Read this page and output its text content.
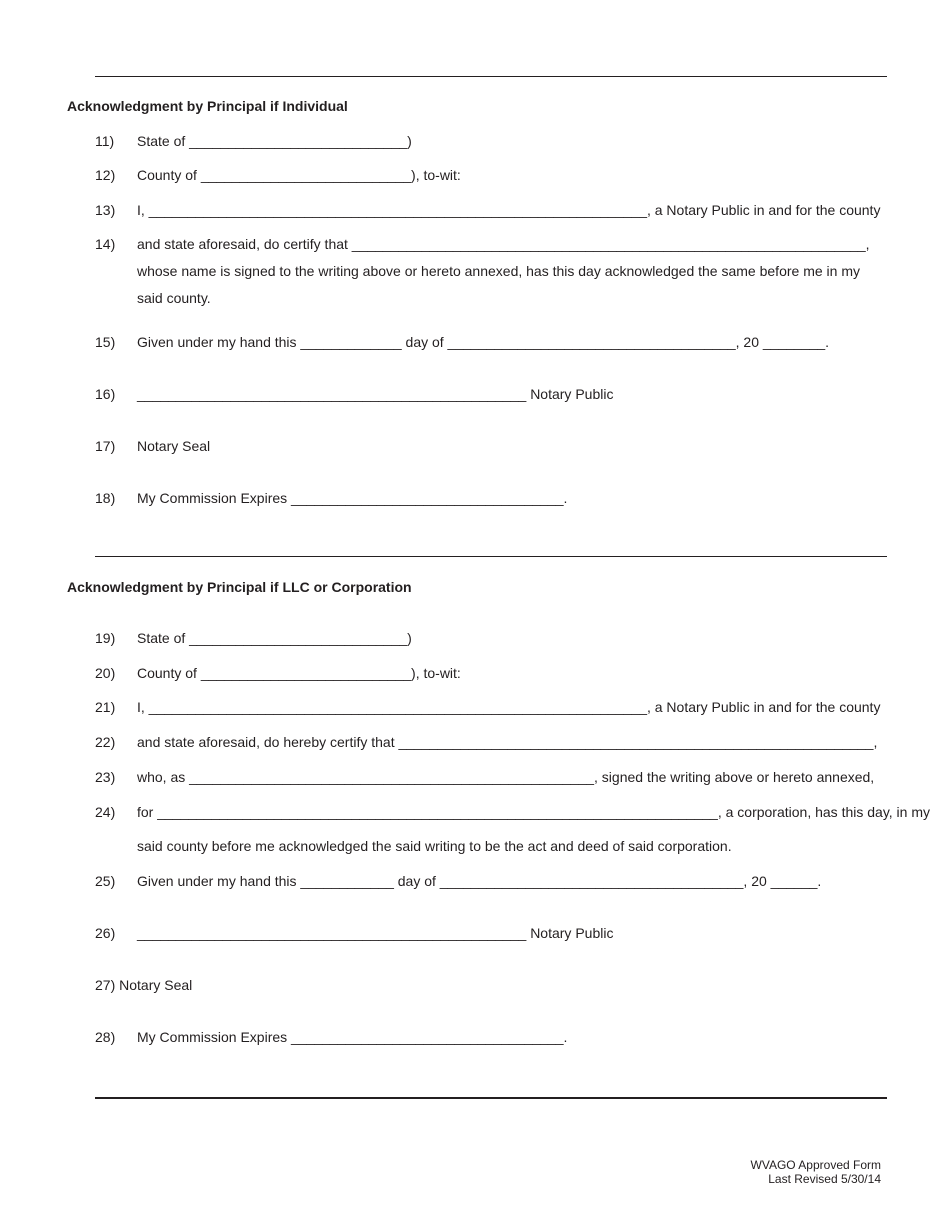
Acknowledgment by Principal if Individual
11) State of ____________________________)
12) County of ___________________________), to-wit:
13) I, ________________________________________________________________, a Notary Public in and for the county
14) and state aforesaid, do certify that __________________________________________________________________,
whose name is signed to the writing above or hereto annexed, has this day acknowledged the same before me in my
said county.
15) Given under my hand this _____________ day of _____________________________________, 20 ________.
16) __________________________________________________ Notary Public
17) Notary Seal
18) My Commission Expires ___________________________________.
Acknowledgment by Principal if LLC or Corporation
19) State of ____________________________)
20) County of ___________________________), to-wit:
21) I, ________________________________________________________________, a Notary Public in and for the county
22) and state aforesaid, do hereby certify that _____________________________________________________________,
23) who, as ____________________________________________________, signed the writing above or hereto annexed,
24) for ________________________________________________________________________, a corporation, has this day, in my
said county before me acknowledged the said writing to be the act and deed of said corporation.
25) Given under my hand this ____________ day of _______________________________________, 20 ______.
26) __________________________________________________ Notary Public
27) Notary Seal
28) My Commission Expires ___________________________________.
WVAGO Approved Form
Last Revised 5/30/14
